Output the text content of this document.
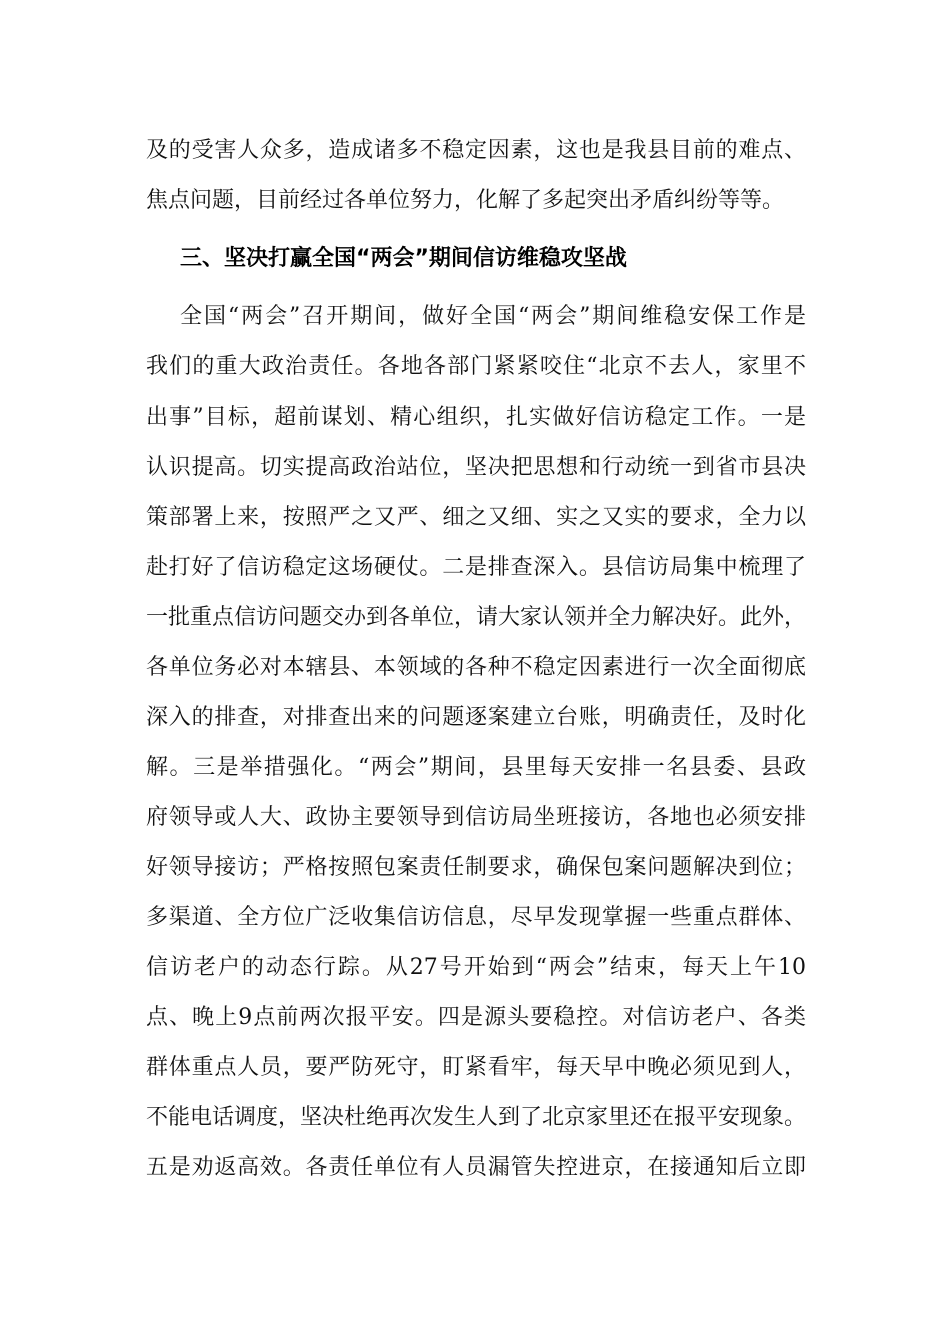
及的受害人众多，造成诸多不稳定因素，这也是我县目前的难点、
焦点问题，目前经过各单位努力，化解了多起突出矛盾纠纷等等。
三、坚决打赢全国“两会”期间信访维稳攻坚战
全国“两会”召开期间，做好全国“两会”期间维稳安保工作是
我们的重大政治责任。各地各部门紧紧咬住“北京不去人，家里不
出事”目标，超前谋划、精心组织，扎实做好信访稳定工作。一是
认识提高。切实提高政治站位，坚决把思想和行动统一到省市县决
策部署上来，按照严之又严、细之又细、实之又实的要求，全力以
赴打好了信访稳定这场硬仗。二是排查深入。县信访局集中梳理了
一批重点信访问题交办到各单位，请大家认领并全力解决好。此外，
各单位务必对本辖县、本领域的各种不稳定因素进行一次全面彻底
深入的排查，对排查出来的问题逐案建立台账，明确责任，及时化
解。三是举措强化。“两会”期间，县里每天安排一名县委、县政
府领导或人大、政协主要领导到信访局坐班接访，各地也必须安排
好领导接访；严格按照包案责任制要求，确保包案问题解决到位；
多渠道、全方位广泛收集信访信息，尽早发现掌握一些重点群体、
信访老户的动态行踪。从27号开始到“两会”结束，每天上午10
点、晚上9点前两次报平安。四是源头要稳控。对信访老户、各类
群体重点人员，要严防死守，盯紧看牢，每天早中晚必须见到人，
不能电话调度，坚决杜绝再次发生人到了北京家里还在报平安现象。
五是劝返高效。各责任单位有人员漏管失控进京，在接通知后立即
